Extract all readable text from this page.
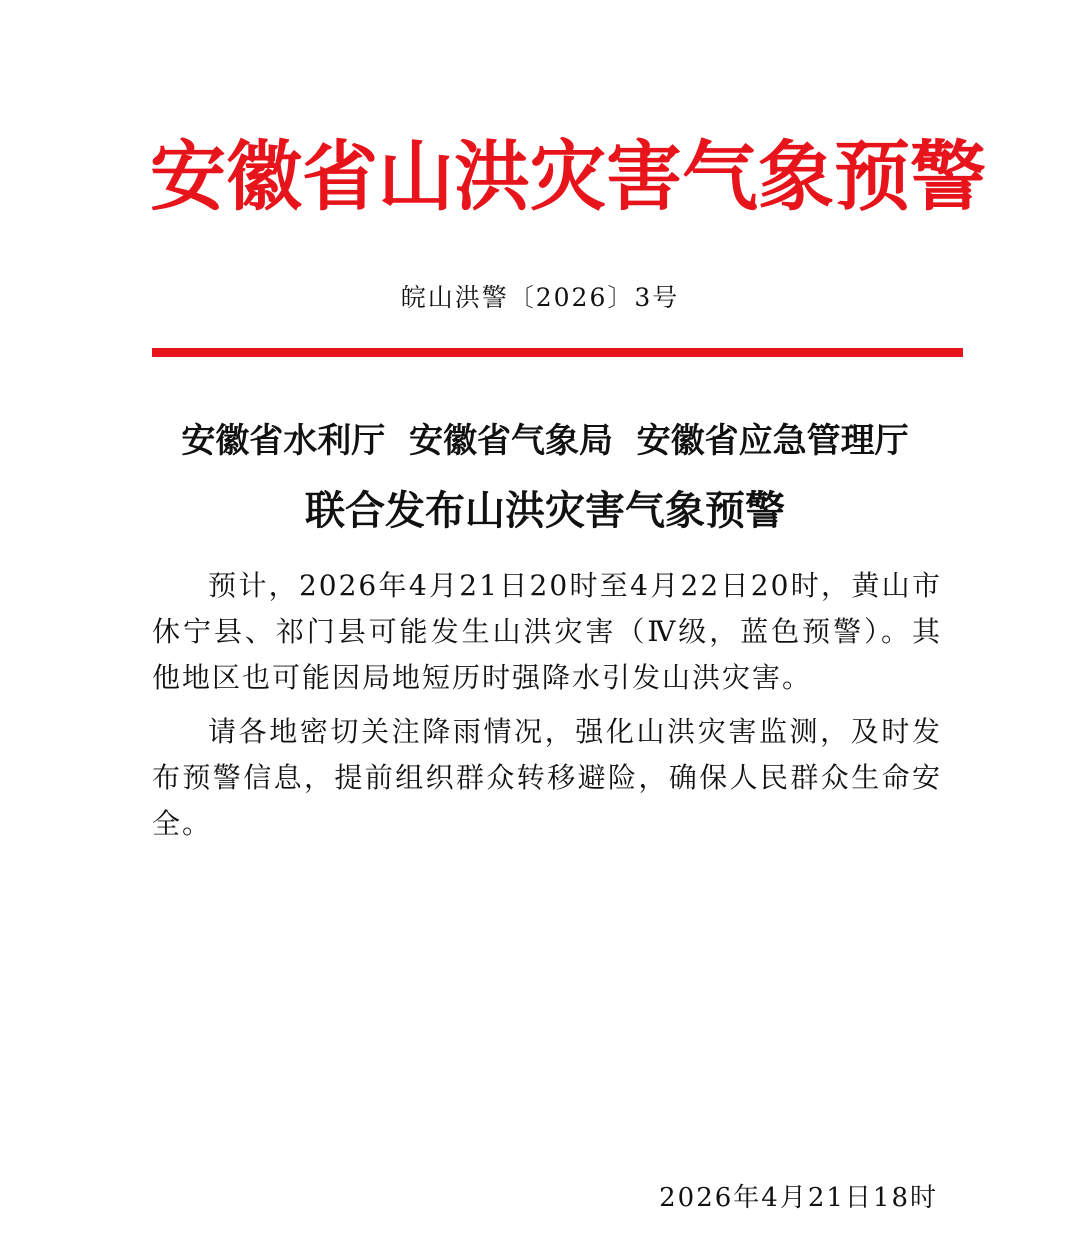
安徽省山洪灾害气象预警
皖山洪警〔2026〕3号
安徽省水利厅  安徽省气象局  安徽省应急管理厅
联合发布山洪灾害气象预警

预计，2026年4月21日20时至4月22日20时，黄山市休宁县、祁门县可能发生山洪灾害（Ⅳ级，蓝色预警）。其他地区也可能因局地短历时强降水引发山洪灾害。

请各地密切关注降雨情况，强化山洪灾害监测，及时发布预警信息，提前组织群众转移避险，确保人民群众生命安全。

2026年4月21日18时
